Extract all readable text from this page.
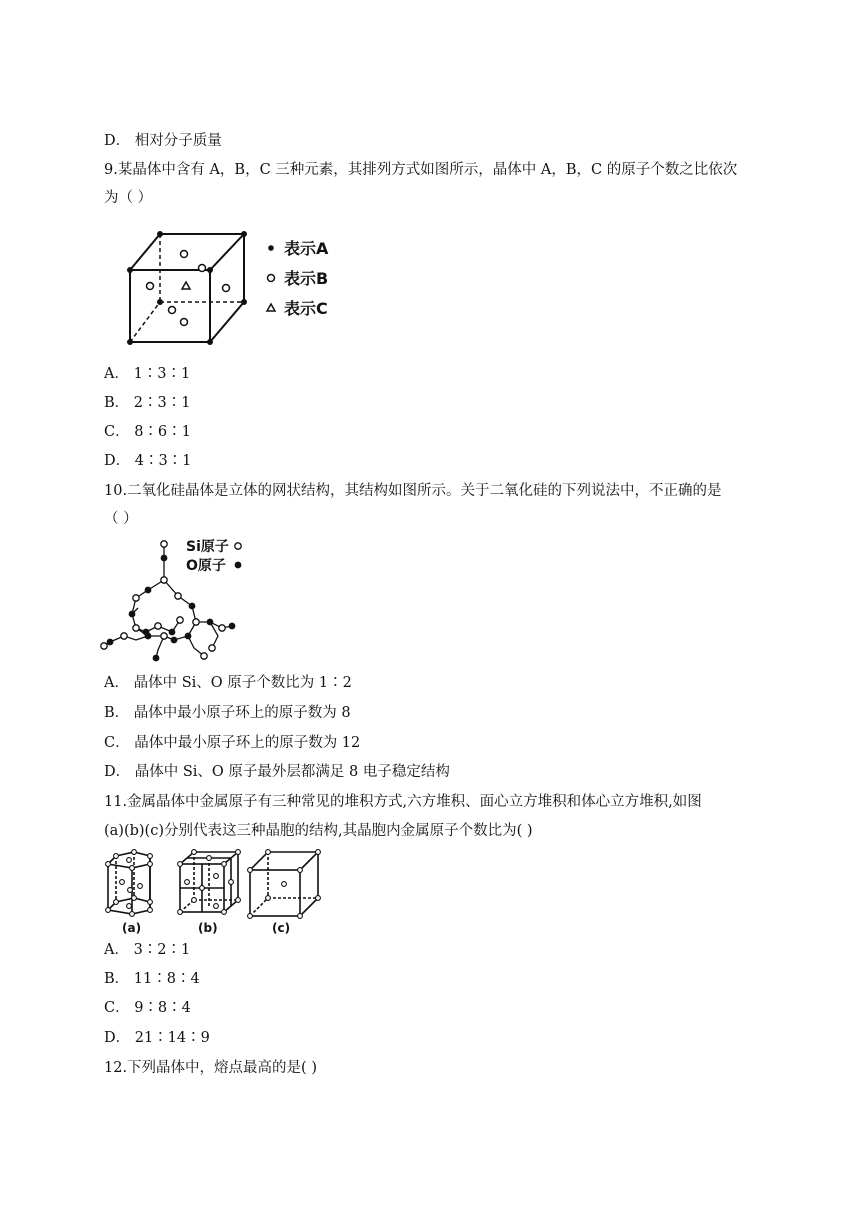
D． 相对分子质量
9.某晶体中含有 A，B，C 三种元素，其排列方式如图所示，晶体中 A，B，C 的原子个数之比依次
为（ ）
表示A
表示B
表示C
A． 1∶3∶1
B． 2∶3∶1
C． 8∶6∶1
D． 4∶3∶1
10.二氧化硅晶体是立体的网状结构，其结构如图所示。关于二氧化硅的下列说法中，不正确的是
（ ）
Si原子
O原子
A． 晶体中 Si、O 原子个数比为 1∶2
B． 晶体中最小原子环上的原子数为 8
C． 晶体中最小原子环上的原子数为 12
D． 晶体中 Si、O 原子最外层都满足 8 电子稳定结构
11.金属晶体中金属原子有三种常见的堆积方式,六方堆积、面心立方堆积和体心立方堆积,如图
(a)(b)(c)分别代表这三种晶胞的结构,其晶胞内金属原子个数比为( )
(a)	(b)	(c)
A． 3∶2∶1
B． 11∶8∶4
C． 9∶8∶4
D． 21∶14∶9
12.下列晶体中，熔点最高的是( )
